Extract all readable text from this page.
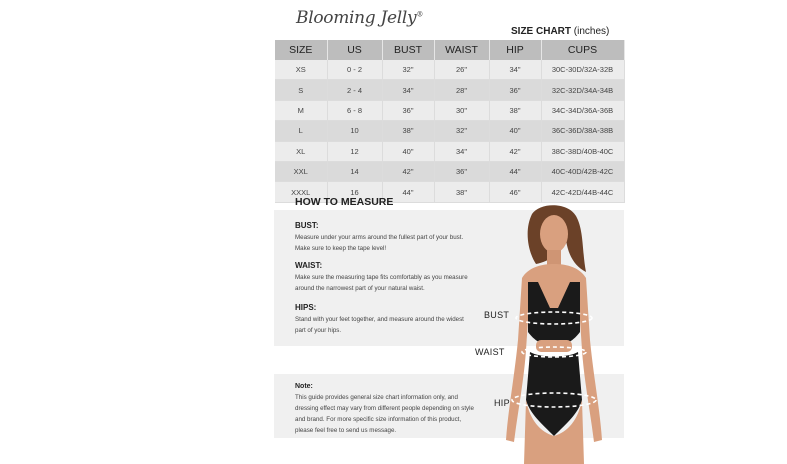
Blooming Jelly®
SIZE CHART (inches)
SIZE	US	BUST	WAIST	HIP	CUPS
XS	0 - 2	32"	26"	34"	30C-30D/32A-32B
S	2 - 4	34"	28"	36"	32C-32D/34A-34B
M	6 - 8	36"	30"	38"	34C-34D/36A-36B
L	10	38"	32"	40"	36C-36D/38A-38B
XL	12	40"	34"	42"	38C-38D/40B-40C
XXL	14	42"	36"	44"	40C-40D/42B-42C
XXXL	16	44"	38"	46"	42C-42D/44B-44C
HOW TO MEASURE
BUST:
Measure under your arms around the fullest part of your bust. Make sure to keep the tape level!
WAIST:
Make sure the measuring tape fits comfortably as you measure around the narrowest part of your natural waist.
HIPS:
Stand with your feet together, and measure around the widest part of your hips.
Note:
This guide provides general size chart information only, and dressing effect may vary from different people depending on style and brand. For more specific size information of this product, please feel free to send us message.
BUST
WAIST
HIP
